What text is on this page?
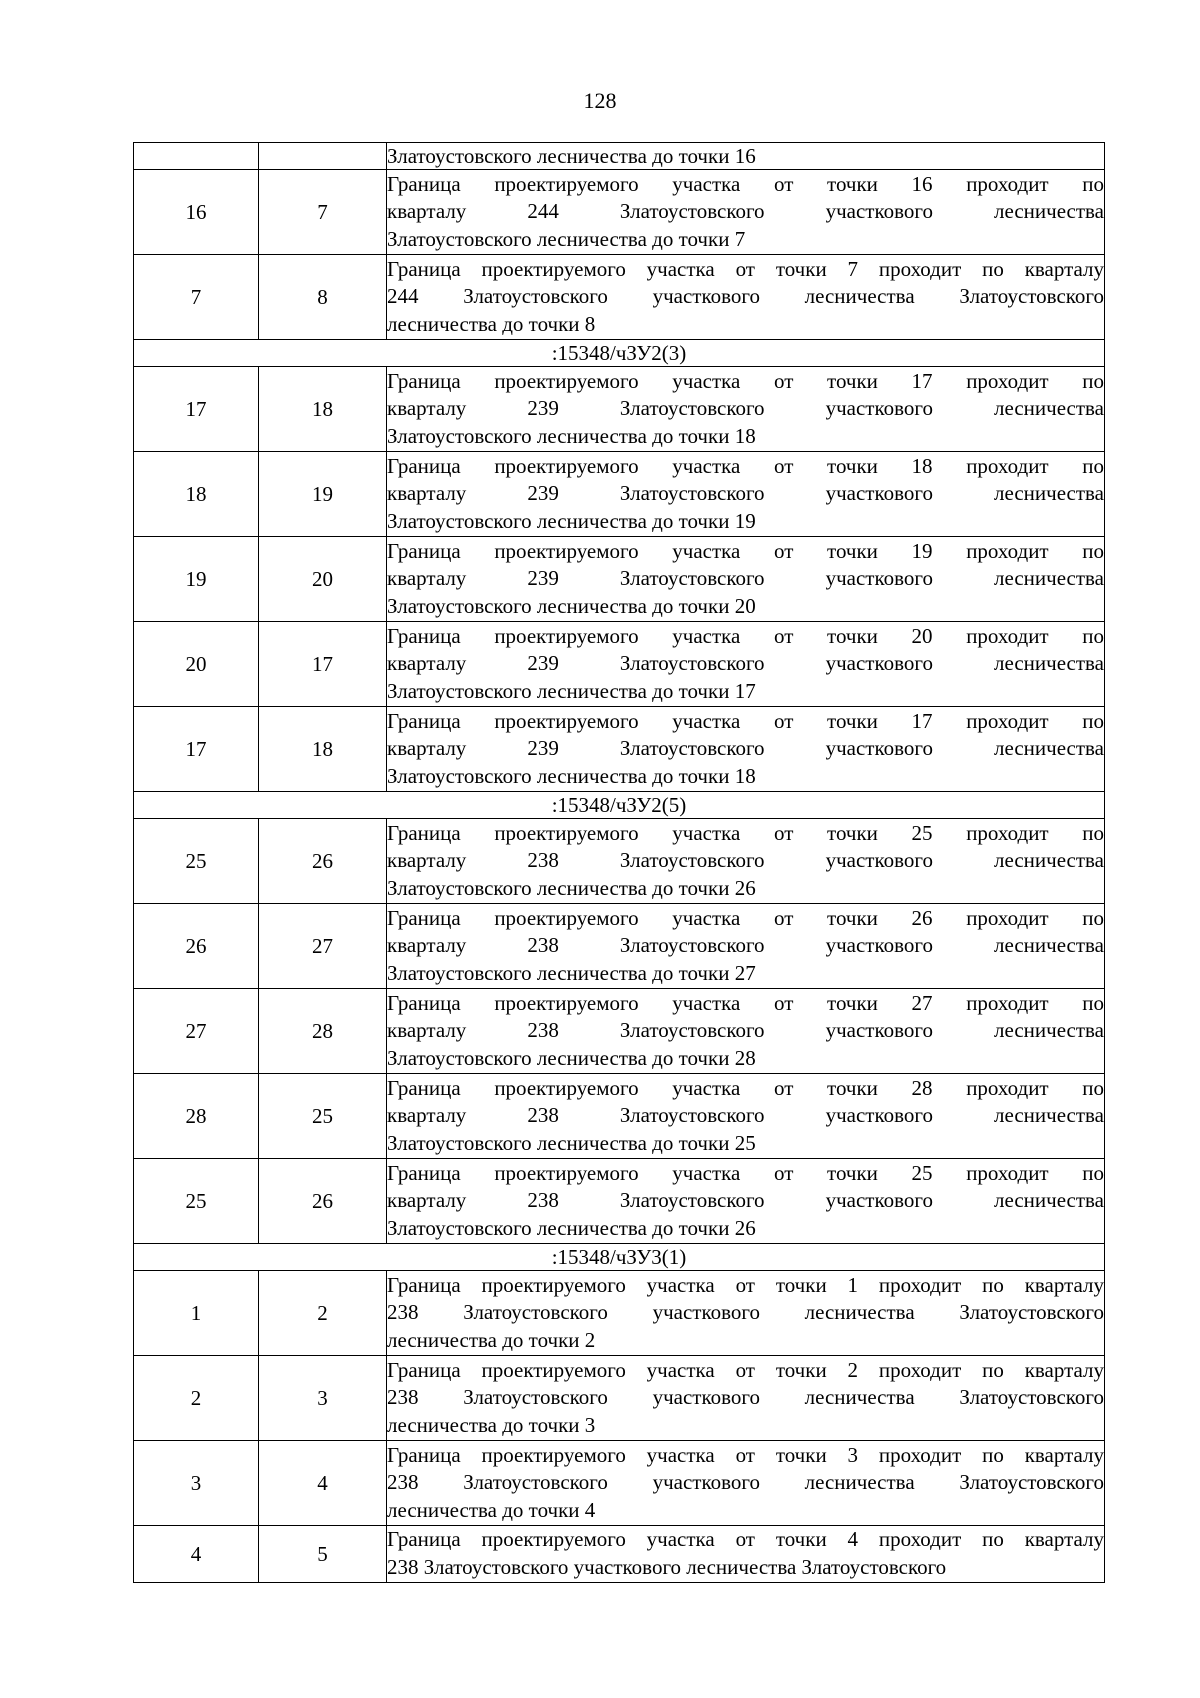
128

		Златоустовского лесничества до точки 16

16	7	Граница проектируемого участка от точки 16 проходит по
кварталу 244 Златоустовского участкового лесничества
Златоустовского лесничества до точки 7

7	8	Граница проектируемого участка от точки 7 проходит по кварталу
244 Златоустовского участкового лесничества Златоустовского
лесничества до точки 8

:15348/чЗУ2(3)		
17	18	Граница проектируемого участка от точки 17 проходит по
кварталу 239 Златоустовского участкового лесничества
Златоустовского лесничества до точки 18

18	19	Граница проектируемого участка от точки 18 проходит по
кварталу 239 Златоустовского участкового лесничества
Златоустовского лесничества до точки 19

19	20	Граница проектируемого участка от точки 19 проходит по
кварталу 239 Златоустовского участкового лесничества
Златоустовского лесничества до точки 20

20	17	Граница проектируемого участка от точки 20 проходит по
кварталу 239 Златоустовского участкового лесничества
Златоустовского лесничества до точки 17

17	18	Граница проектируемого участка от точки 17 проходит по
кварталу 239 Златоустовского участкового лесничества
Златоустовского лесничества до точки 18

:15348/чЗУ2(5)		
25	26	Граница проектируемого участка от точки 25 проходит по
кварталу 238 Златоустовского участкового лесничества
Златоустовского лесничества до точки 26

26	27	Граница проектируемого участка от точки 26 проходит по
кварталу 238 Златоустовского участкового лесничества
Златоустовского лесничества до точки 27

27	28	Граница проектируемого участка от точки 27 проходит по
кварталу 238 Златоустовского участкового лесничества
Златоустовского лесничества до точки 28

28	25	Граница проектируемого участка от точки 28 проходит по
кварталу 238 Златоустовского участкового лесничества
Златоустовского лесничества до точки 25

25	26	Граница проектируемого участка от точки 25 проходит по
кварталу 238 Златоустовского участкового лесничества
Златоустовского лесничества до точки 26

:15348/чЗУ3(1)		
1	2	Граница проектируемого участка от точки 1 проходит по кварталу
238 Златоустовского участкового лесничества Златоустовского
лесничества до точки 2

2	3	Граница проектируемого участка от точки 2 проходит по кварталу
238 Златоустовского участкового лесничества Златоустовского
лесничества до точки 3

3	4	Граница проектируемого участка от точки 3 проходит по кварталу
238 Златоустовского участкового лесничества Златоустовского
лесничества до точки 4

4	5	Граница проектируемого участка от точки 4 проходит по кварталу
238 Златоустовского участкового лесничества Златоустовского
